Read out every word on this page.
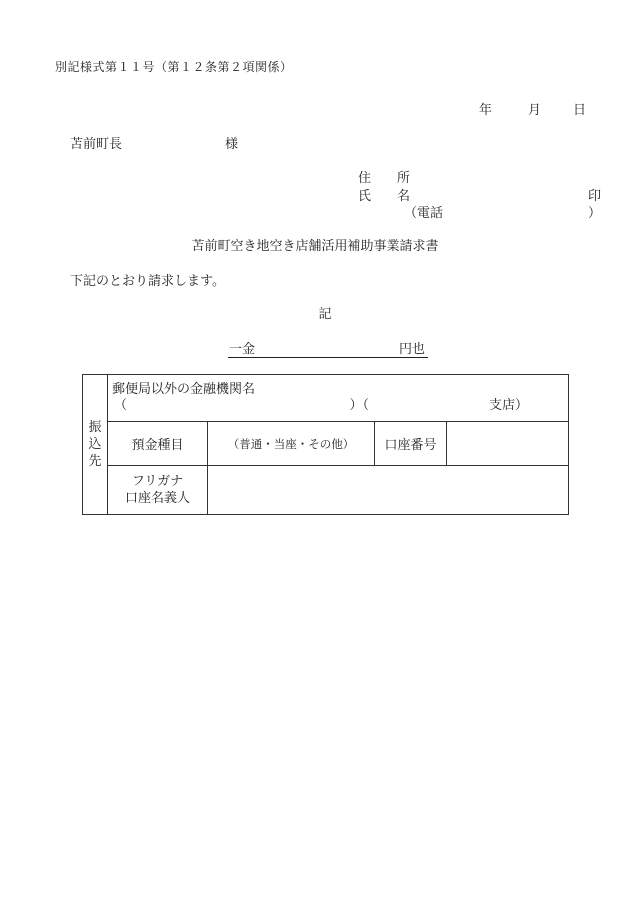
別記様式第１１号（第１２条第２項関係）
年	月 日
苫前町長	様
住　　所
氏　　名	印
（電話	）
苫前町空き地空き店舗活用補助事業請求書
下記のとおり請求します。
記
一金	円也
振込先	郵便局以外の金融機関名
（ ）（ 支店）			

	預金種目	（普通・当座・その他）	口座番号	

	フリガナ
口座名義人			
